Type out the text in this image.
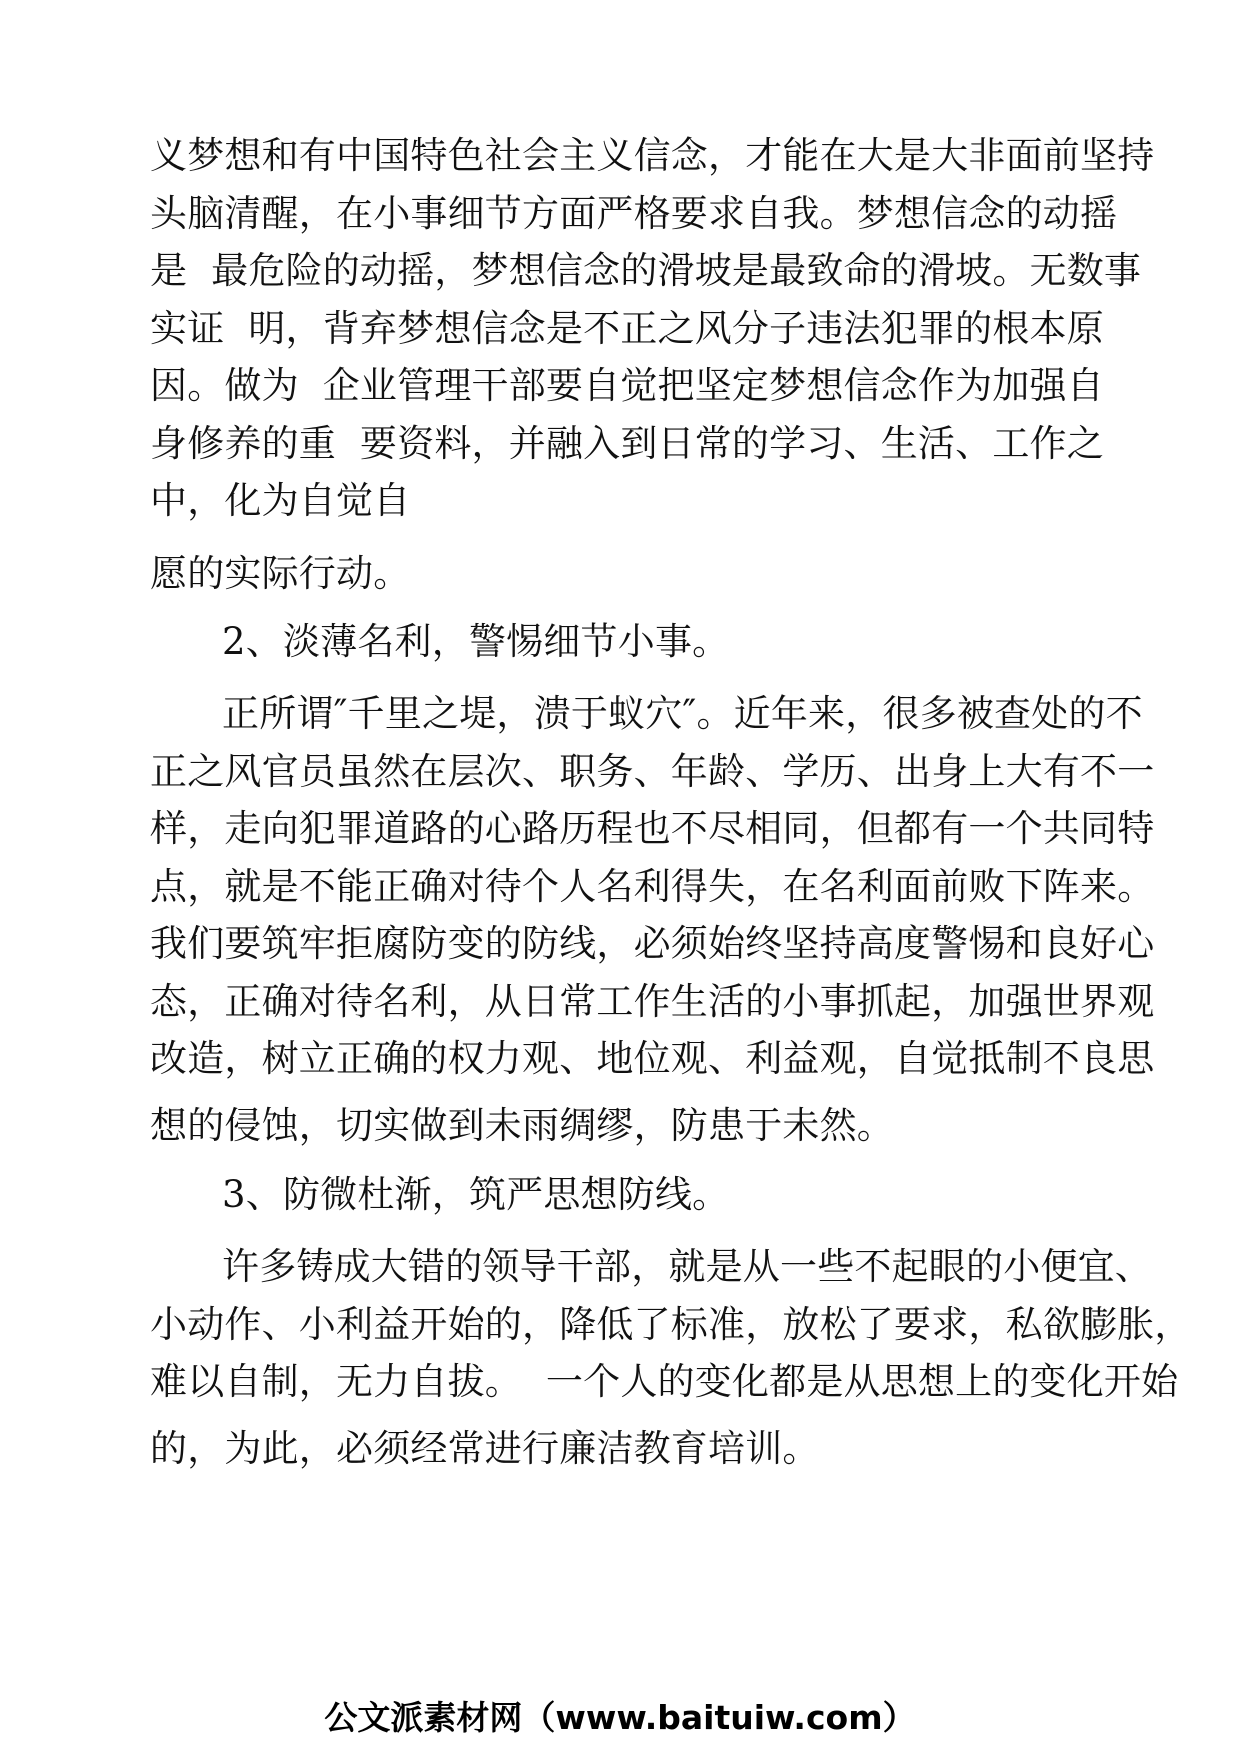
义梦想和有中国特色社会主义信念，才能在大是大非面前坚持

头脑清醒，在小事细节方面严格要求自我。梦想信念的动摇

是  最危险的动摇，梦想信念的滑坡是最致命的滑坡。无数事

实证  明，背弃梦想信念是不正之风分子违法犯罪的根本原

因。做为  企业管理干部要自觉把坚定梦想信念作为加强自

身修养的重  要资料，并融入到日常的学习、生活、工作之

中，化为自觉自

愿的实际行动。

2、淡薄名利，警惕细节小事。

正所谓″千里之堤，溃于蚁穴″。近年来，很多被查处的不

正之风官员虽然在层次、职务、年龄、学历、出身上大有不一

样，走向犯罪道路的心路历程也不尽相同，但都有一个共同特

点，就是不能正确对待个人名利得失，在名利面前败下阵来。

我们要筑牢拒腐防变的防线，必须始终坚持高度警惕和良好心

态，正确对待名利，从日常工作生活的小事抓起，加强世界观

改造，树立正确的权力观、地位观、利益观，自觉抵制不良思

想的侵蚀，切实做到未雨绸缪，防患于未然。

3、防微杜渐，筑严思想防线。

许多铸成大错的领导干部，就是从一些不起眼的小便宜、

小动作、小利益开始的，降低了标准，放松了要求，私欲膨胀，

难以自制，无力自拔。  一个人的变化都是从思想上的变化开始

的，为此，必须经常进行廉洁教育培训。

公文派素材网（www.baituiw.com）
